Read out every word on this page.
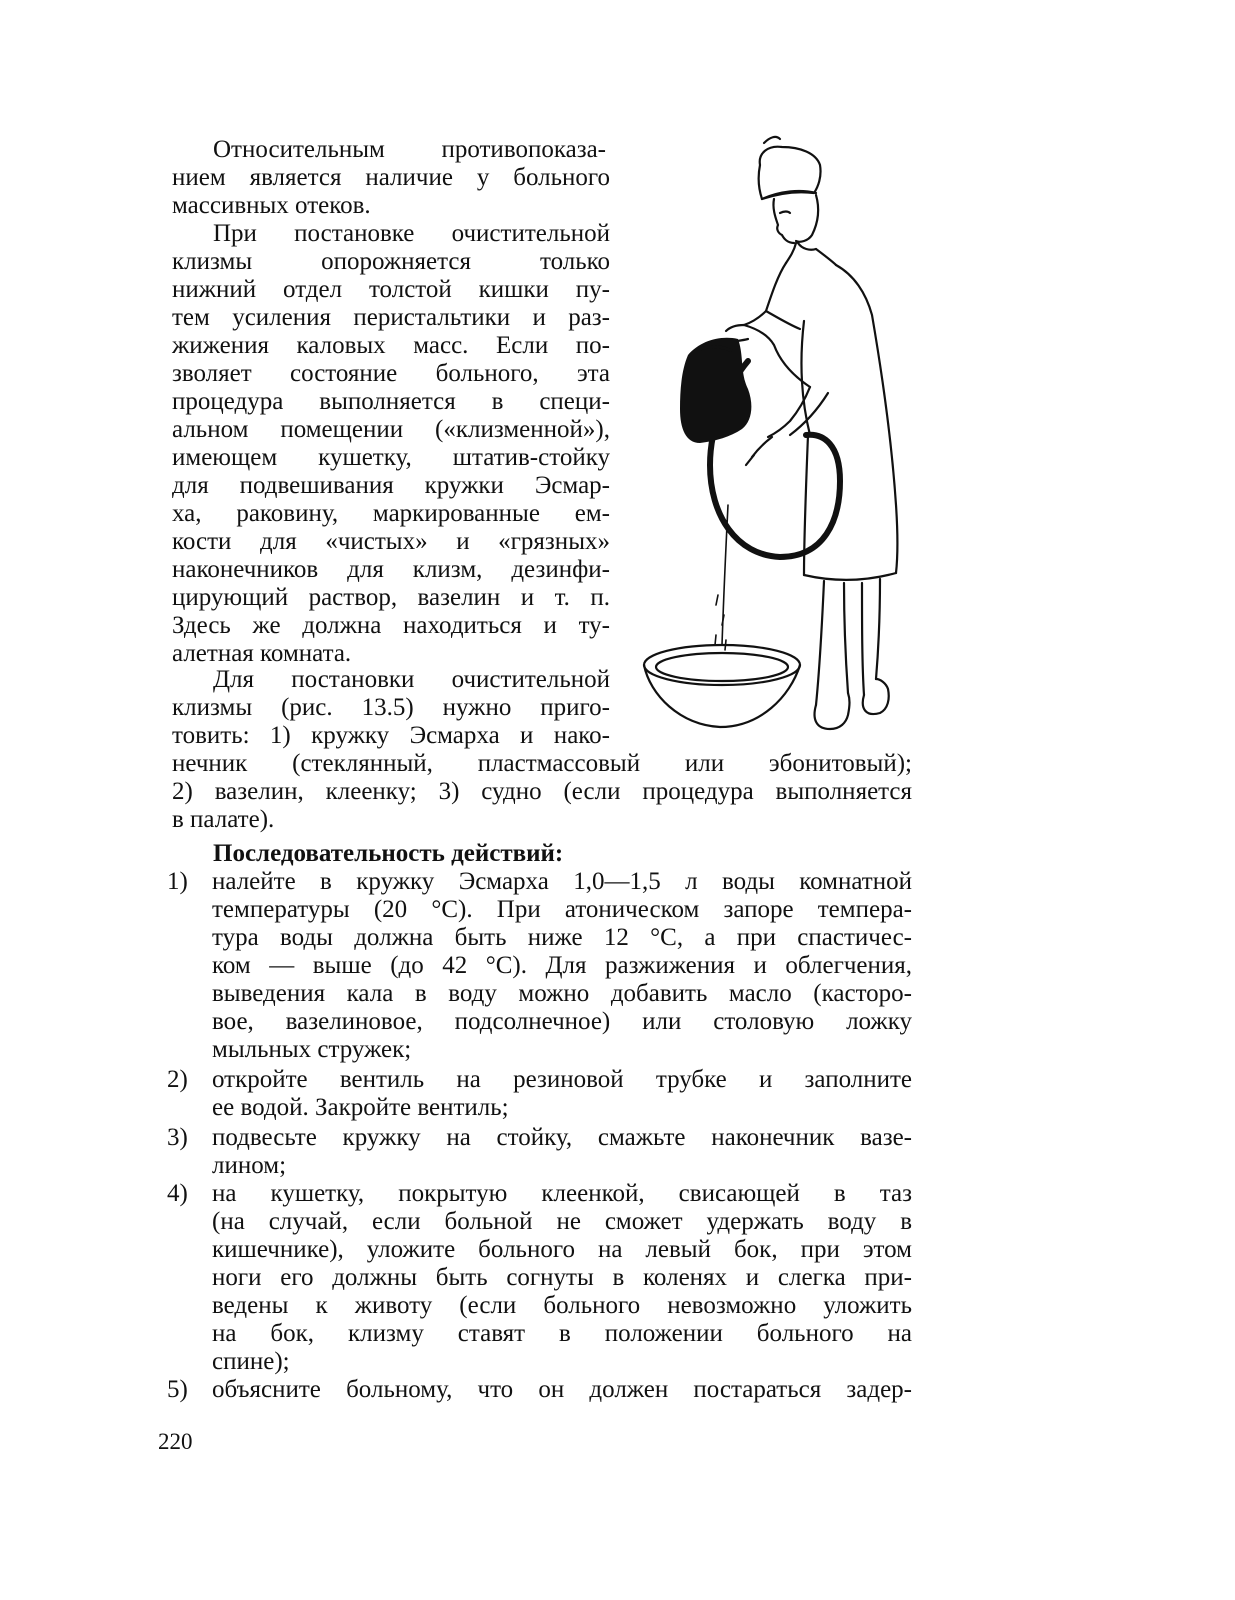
Относительным противопоказа-
нием является наличие у больного
массивных отеков.
При постановке очистительной
клизмы опорожняется только
нижний отдел толстой кишки пу-
тем усиления перистальтики и раз-
жижения каловых масс. Если по-
зволяет состояние больного, эта
процедура выполняется в специ-
альном помещении («клизменной»),
имеющем кушетку, штатив-стойку
для подвешивания кружки Эсмар-
ха, раковину, маркированные ем-
кости для «чистых» и «грязных»
наконечников для клизм, дезинфи-
цирующий раствор, вазелин и т. п.
Здесь же должна находиться и ту-
алетная комната.
Для постановки очистительной
клизмы (рис. 13.5) нужно приго-
товить: 1) кружку Эсмарха и нако-
нечник (стеклянный, пластмассовый или эбонитовый);
2) вазелин, клеенку; 3) судно (если процедура выполняется
в палате).
Последовательность действий:
1) налейте в кружку Эсмарха 1,0—1,5 л воды комнатной
температуры (20 °С). При атоническом запоре темпера-
тура воды должна быть ниже 12 °С, а при спастичес-
ком — выше (до 42 °С). Для разжижения и облегчения,
выведения кала в воду можно добавить масло (касторо-
вое, вазелиновое, подсолнечное) или столовую ложку
мыльных стружек;
2) откройте вентиль на резиновой трубке и заполните
ее водой. Закройте вентиль;
3) подвесьте кружку на стойку, смажьте наконечник вазе-
лином;
4) на кушетку, покрытую клеенкой, свисающей в таз
(на случай, если больной не сможет удержать воду в
кишечнике), уложите больного на левый бок, при этом
ноги его должны быть согнуты в коленях и слегка при-
ведены к животу (если больного невозможно уложить
на бок, клизму ставят в положении больного на
спине);
5) объясните больному, что он должен постараться задер-
220
